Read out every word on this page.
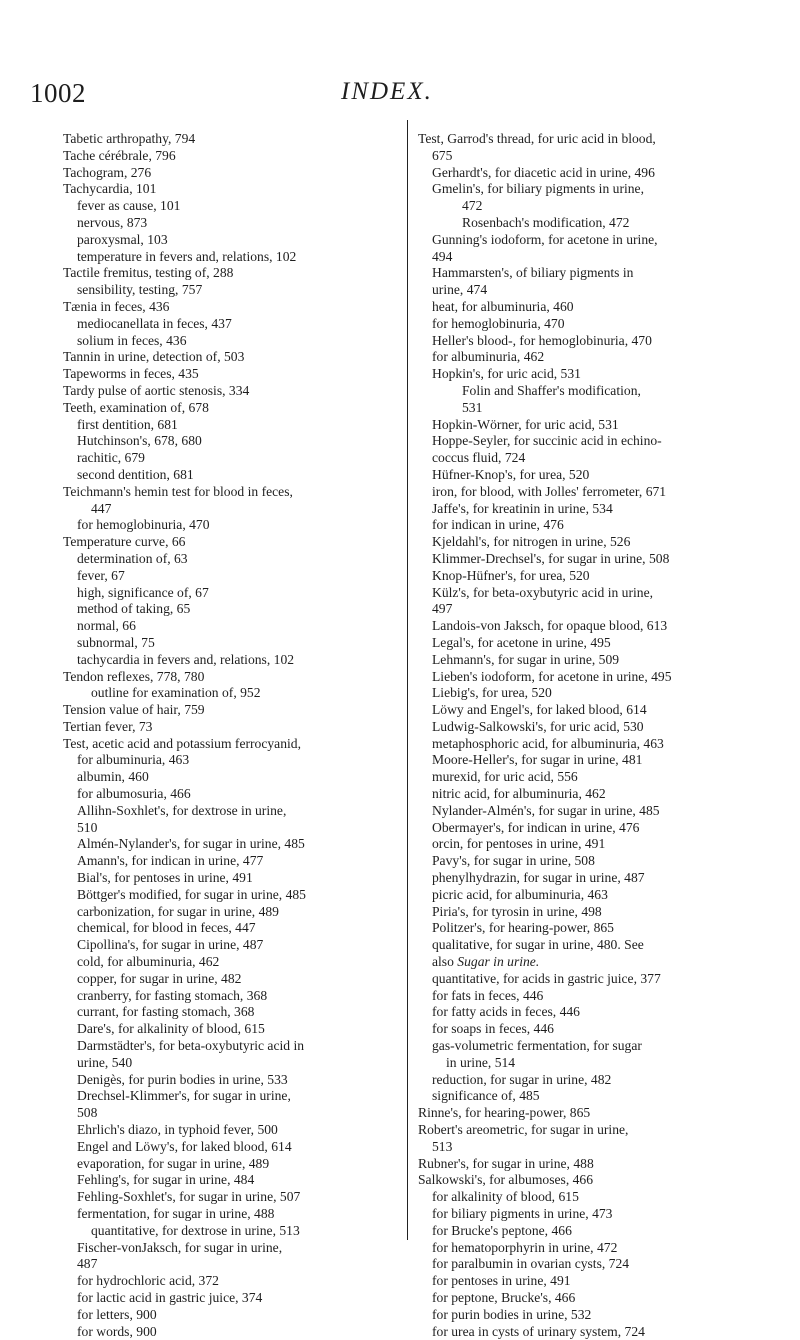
1002	INDEX.
Tabetic arthropathy, 794
Tache cérébrale, 796
Tachogram, 276
Tachycardia, 101
fever as cause, 101
nervous, 873
paroxysmal, 103
temperature in fevers and, relations, 102
Tactile fremitus, testing of, 288
sensibility, testing, 757
Tænia in feces, 436
mediocanellata in feces, 437
solium in feces, 436
Tannin in urine, detection of, 503
Tapeworms in feces, 435
Tardy pulse of aortic stenosis, 334
Teeth, examination of, 678
first dentition, 681
Hutchinson's, 678, 680
rachitic, 679
second dentition, 681
Teichmann's hemin test for blood in feces,
447
for hemoglobinuria, 470
Temperature curve, 66
determination of, 63
fever, 67
high, significance of, 67
method of taking, 65
normal, 66
subnormal, 75
tachycardia in fevers and, relations, 102
Tendon reflexes, 778, 780
outline for examination of, 952
Tension value of hair, 759
Tertian fever, 73
Test, acetic acid and potassium ferrocyanid,
for albuminuria, 463
albumin, 460
for albumosuria, 466
Allihn-Soxhlet's, for dextrose in urine,
510
Almén-Nylander's, for sugar in urine, 485
Amann's, for indican in urine, 477
Bial's, for pentoses in urine, 491
Böttger's modified, for sugar in urine, 485
carbonization, for sugar in urine, 489
chemical, for blood in feces, 447
Cipollina's, for sugar in urine, 487
cold, for albuminuria, 462
copper, for sugar in urine, 482
cranberry, for fasting stomach, 368
currant, for fasting stomach, 368
Dare's, for alkalinity of blood, 615
Darmstädter's, for beta-oxybutyric acid in
urine, 540
Denigès, for purin bodies in urine, 533
Drechsel-Klimmer's, for sugar in urine,
508
Ehrlich's diazo, in typhoid fever, 500
Engel and Löwy's, for laked blood, 614
evaporation, for sugar in urine, 489
Fehling's, for sugar in urine, 484
Fehling-Soxhlet's, for sugar in urine, 507
fermentation, for sugar in urine, 488
quantitative, for dextrose in urine, 513
Fischer-vonJaksch, for sugar in urine,
487
for hydrochloric acid, 372
for lactic acid in gastric juice, 374
for letters, 900
for words, 900
Test, Garrod's thread, for uric acid in blood,
675
Gerhardt's, for diacetic acid in urine, 496
Gmelin's, for biliary pigments in urine,
472
Rosenbach's modification, 472
Gunning's iodoform, for acetone in urine,
494
Hammarsten's, of biliary pigments in
urine, 474
heat, for albuminuria, 460
for hemoglobinuria, 470
Heller's blood-, for hemoglobinuria, 470
for albuminuria, 462
Hopkin's, for uric acid, 531
Folin and Shaffer's modification,
531
Hopkin-Wörner, for uric acid, 531
Hoppe-Seyler, for succinic acid in echino-
coccus fluid, 724
Hüfner-Knop's, for urea, 520
iron, for blood, with Jolles' ferrometer, 671
Jaffe's, for kreatinin in urine, 534
for indican in urine, 476
Kjeldahl's, for nitrogen in urine, 526
Klimmer-Drechsel's, for sugar in urine, 508
Knop-Hüfner's, for urea, 520
Külz's, for beta-oxybutyric acid in urine,
497
Landois-von Jaksch, for opaque blood, 613
Legal's, for acetone in urine, 495
Lehmann's, for sugar in urine, 509
Lieben's iodoform, for acetone in urine, 495
Liebig's, for urea, 520
Löwy and Engel's, for laked blood, 614
Ludwig-Salkowski's, for uric acid, 530
metaphosphoric acid, for albuminuria, 463
Moore-Heller's, for sugar in urine, 481
murexid, for uric acid, 556
nitric acid, for albuminuria, 462
Nylander-Almén's, for sugar in urine, 485
Obermayer's, for indican in urine, 476
orcin, for pentoses in urine, 491
Pavy's, for sugar in urine, 508
phenylhydrazin, for sugar in urine, 487
picric acid, for albuminuria, 463
Piria's, for tyrosin in urine, 498
Politzer's, for hearing-power, 865
qualitative, for sugar in urine, 480. See
also Sugar in urine.
quantitative, for acids in gastric juice, 377
for fats in feces, 446
for fatty acids in feces, 446
for soaps in feces, 446
gas-volumetric fermentation, for sugar
in urine, 514
reduction, for sugar in urine, 482
significance of, 485
Rinne's, for hearing-power, 865
Robert's areometric, for sugar in urine,
513
Rubner's, for sugar in urine, 488
Salkowski's, for albumoses, 466
for alkalinity of blood, 615
for biliary pigments in urine, 473
for Brucke's peptone, 466
for hematoporphyrin in urine, 472
for paralbumin in ovarian cysts, 724
for pentoses in urine, 491
for peptone, Brucke's, 466
for purin bodies in urine, 532
for urea in cysts of urinary system, 724
